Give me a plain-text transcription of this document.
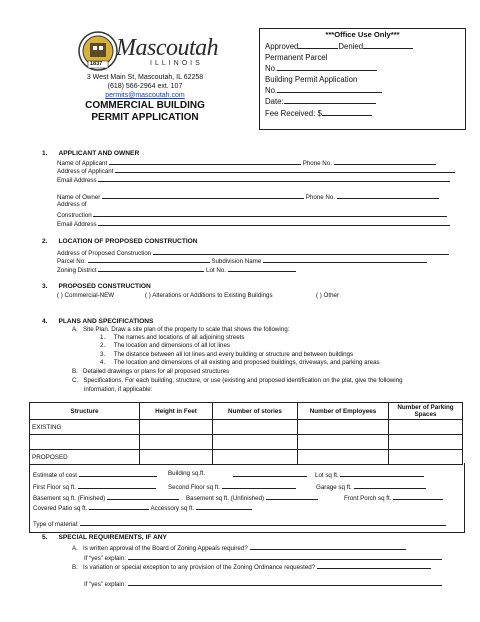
1837
Mascoutah
ILLINOIS
3 West Main St, Mascoutah, IL 62258
(618) 566-2964 ext. 107
permits@mascoutah.com
COMMERCIAL BUILDING
PERMIT APPLICATION
***Office Use Only***
Approved	Denied
Permanent Parcel
No.
Building Permit Application
No.
Date:
Fee Received: $
1.      APPLICANT AND OWNER
Name of Applicant	Phone No.
Address of Applicant
Email Address
Name of Owner	Phone No.
Address of
Construction
Email Address
2.      LOCATION OF PROPOSED CONSTRUCTION
Address of Proposed Construction
Parcel No.	Subdivision Name
Zoning District	Lot No.
3.      PROPOSED CONSTRUCTION
( ) Commercial-NEW	( ) Alterations or Additions to Existing Buildings	( ) Other
4.      PLANS AND SPECIFICATIONS
A.   Site Plan. Draw a site plan of the property to scale that shows the following:
1.     The names and locations of all adjoining streets
2.     The location and dimensions of all lot lines
3.     The distance between all lot lines and every building or structure and between buildings
4.     The location and dimensions of all existing and proposed buildings, driveways, and parking areas
B.   Detailed drawings or plans for all proposed structures
C.   Specifications. For each building, structure, or use (existing and proposed identification on the plat, give the following
information, if applicable:
Structure	Height in Feet	Number of stories	Number of Employees	Number of Parking Spaces
EXISTING				

PROPOSED				
Estimate of cost	Building sq.ft.	Lot sq ft.
First Floor sq ft.	Second Floor sq ft.	Garage sq ft.
Basement sq ft. (Finished)	Basement sq ft. (Unfinished)	Front Porch sq ft.
Covered Patio sq ft.	Accessory sq ft.
Type of material:
5.      SPECIAL REQUIREMENTS, IF ANY
A.   Is written approval of the Board of Zoning Appeals required?
If “yes” explain:
B.   Is variation or special exception to any provision of the Zoning Ordinance requested?
If “yes” explain:
